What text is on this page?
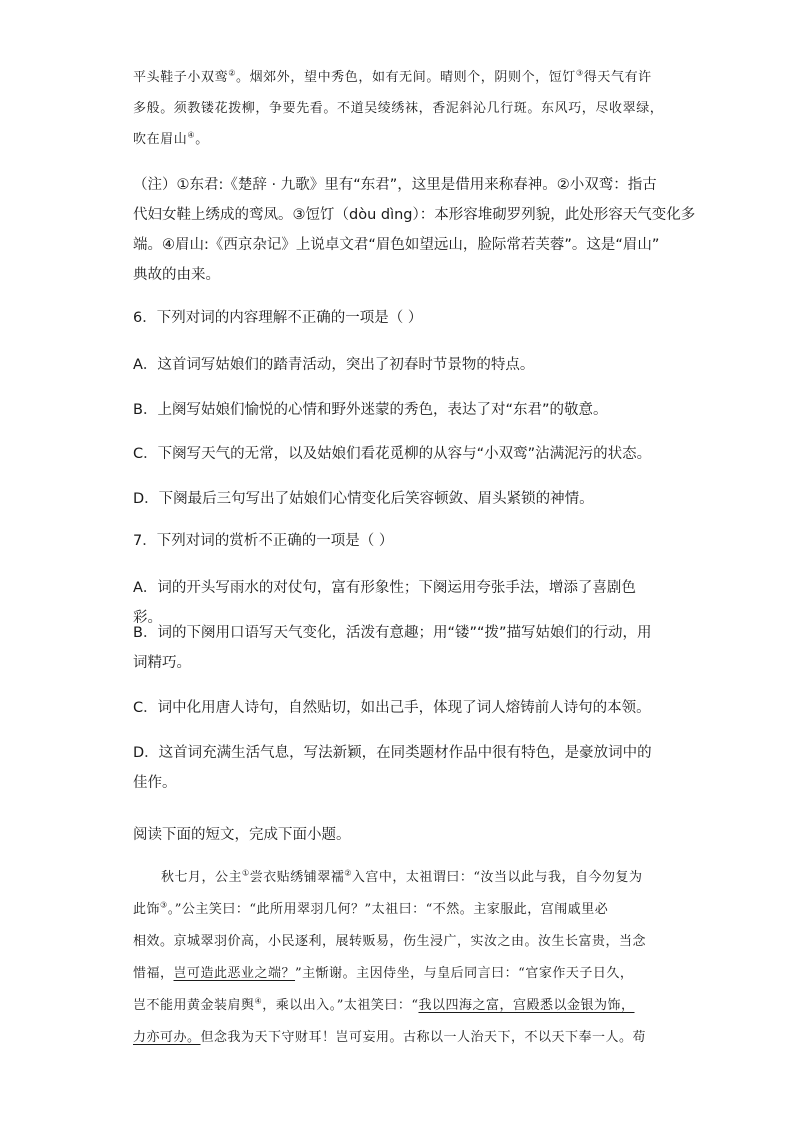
平头鞋子小双鸾②。烟郊外，望中秀色，如有无间。晴则个，阴则个，饾饤③得天气有许
多般。须教镂花拨柳，争要先看。不道吴绫绣袜，香泥斜沁几行斑。东风巧，尽收翠绿，
吹在眉山④。
（注）①东君:《楚辞 · 九歌》里有“东君”，这里是借用来称春神。②小双鸾：指古
代妇女鞋上绣成的鸾凤。③饾饤（dòu dìng）：本形容堆砌罗列貌，此处形容天气变化多
端。④眉山:《西京杂记》上说卓文君“眉色如望远山，脸际常若芙蓉”。这是“眉山”
典故的由来。
6．下列对词的内容理解不正确的一项是（ ）
A．这首词写姑娘们的踏青活动，突出了初春时节景物的特点。
B．上阕写姑娘们愉悦的心情和野外迷蒙的秀色，表达了对“东君”的敬意。
C．下阕写天气的无常，以及姑娘们看花觅柳的从容与“小双鸾”沾满泥污的状态。
D．下阕最后三句写出了姑娘们心情变化后笑容顿敛、眉头紧锁的神情。
7．下列对词的赏析不正确的一项是（ ）
A．词的开头写雨水的对仗句，富有形象性；下阕运用夸张手法，增添了喜剧色彩。
B．词的下阕用口语写天气变化，活泼有意趣；用“镂”“拨”描写姑娘们的行动，用
词精巧。
C．词中化用唐人诗句，自然贴切，如出己手，体现了词人熔铸前人诗句的本领。
D．这首词充满生活气息，写法新颖，在同类题材作品中很有特色，是豪放词中的佳作。
阅读下面的短文，完成下面小题。
秋七月，公主①尝衣贴绣铺翠襦②入宫中，太祖谓曰：“汝当以此与我，自今勿复为
此饰③。”公主笑曰：“此所用翠羽几何？”太祖曰：“不然。主家服此，宫闱戚里必
相效。京城翠羽价高，小民逐利，展转贩易，伤生浸广，实汝之由。汝生长富贵，当念
惜福，岂可造此恶业之端？”主惭谢。主因侍坐，与皇后同言曰：“官家作天子日久，
岂不能用黄金装肩舆④，乘以出入。”太祖笑曰：“我以四海之富，宫殿悉以金银为饰，
力亦可办。但念我为天下守财耳！岂可妄用。古称以一人治天下，不以天下奉一人。苟
